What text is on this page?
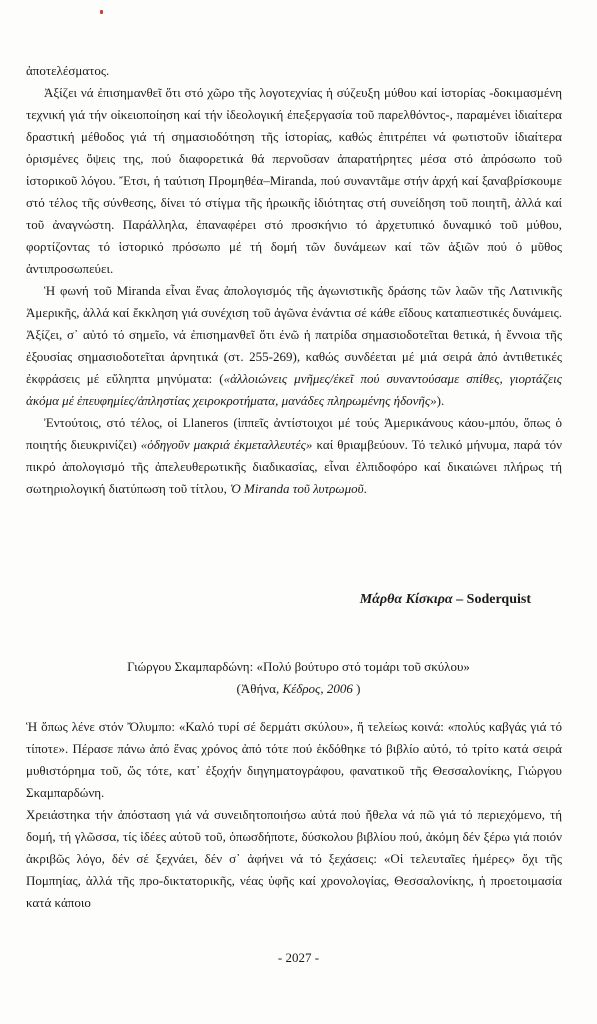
ἀποτελέσματος.

Ἀξίζει νά ἐπισημανθεῖ ὅτι στό χῶρο τῆς λογοτεχνίας ἡ σύζευξη μύθου καί ἱστορίας -δοκιμασμένη τεχνική γιά τήν οἰκειοποίηση καί τήν ἰδεολογική ἐπεξεργασία τοῦ παρελθόντος-, παραμένει ἰδιαίτερα δραστική μέθοδος γιά τή σημασιοδότηση τῆς ἱστορίας, καθώς ἐπιτρέπει νά φωτιστοῦν ἰδιαίτερα ὁρισμένες ὄψεις της, πού διαφορετικά θά περνοῦσαν ἀπαρατήρητες μέσα στό ἀπρόσωπο τοῦ ἱστορικοῦ λόγου. Ἔτσι, ἡ ταύτιση Προμηθέα–Miranda, πού συναντᾶμε στήν ἀρχή καί ξαναβρίσκουμε στό τέλος τῆς σύνθεσης, δίνει τό στίγμα τῆς ἡρωικῆς ἰδιότητας στή συνείδηση τοῦ ποιητῆ, ἀλλά καί τοῦ ἀναγνώστη. Παράλληλα, ἐπαναφέρει στό προσκήνιο τό ἀρχετυπικό δυναμικό τοῦ μύθου, φορτίζοντας τό ἱστορικό πρόσωπο μέ τή δομή τῶν δυνάμεων καί τῶν ἀξιῶν πού ὁ μῦθος ἀντιπροσωπεύει.

Ἡ φωνή τοῦ Miranda εἶναι ἕνας ἀπολογισμός τῆς ἀγωνιστικῆς δράσης τῶν λαῶν τῆς Λατινικῆς Ἀμερικῆς, ἀλλά καί ἔκκληση γιά συνέχιση τοῦ ἀγῶνα ἐνάντια σέ κάθε εἴδους καταπιεστικές δυνάμεις. Ἀξίζει, σ᾽ αὐτό τό σημεῖο, νά ἐπισημανθεῖ ὅτι ἐνῶ ἡ πατρίδα σημασιοδοτεῖται θετικά, ἡ ἔννοια τῆς ἐξουσίας σημασιοδοτεῖται ἀρνητικά (στ. 255-269), καθώς συνδέεται μέ μιά σειρά ἀπό ἀντιθετικές ἐκφράσεις μέ εὔληπτα μηνύματα: («ἀλλοιώνεις μνῆμες/ἐκεῖ πού συναντούσαμε σπίθες, γιορτάζεις ἀκόμα μέ ἐπευφημίες/ἀπληστίας χειροκροτήματα, μανάδες πληρωμένης ἡδονῆς»).

Ἐντούτοις, στό τέλος, οἱ Llaneros (ἱππεῖς ἀντίστοιχοι μέ τούς Ἀμερικάνους κάου-μπόυ, ὅπως ὁ ποιητής διευκρινίζει) «ὁδηγοῦν μακριά ἐκμεταλλευτές» καί θριαμβεύουν. Τό τελικό μήνυμα, παρά τόν πικρό ἀπολογισμό τῆς ἀπελευθερωτικῆς διαδικασίας, εἶναι ἐλπιδοφόρο καί δικαιώνει πλήρως τή σωτηριολογική διατύπωση τοῦ τίτλου, Ὁ Miranda τοῦ λυτρωμοῦ.

Μάρθα Κίσκιρα – Soderquist
Γιώργου Σκαμπαρδώνη: «Πολύ βούτυρο στό τομάρι τοῦ σκύλου»
(Ἀθήνα, Κέδρος, 2006 )

Ἡ ὅπως λένε στόν Ὄλυμπο: «Καλό τυρί σέ δερμάτι σκύλου», ἤ τελείως κοινά: «πολύς καβγάς γιά τό τίποτε». Πέρασε πάνω ἀπό ἕνας χρόνος ἀπό τότε πού ἐκδόθηκε τό βιβλίο αὐτό, τό τρίτο κατά σειρά μυθιστόρημα τοῦ, ὥς τότε, κατ᾽ ἐξοχήν διηγηματογράφου, φανατικοῦ τῆς Θεσσαλονίκης, Γιώργου Σκαμπαρδώνη.

Χρειάστηκα τήν ἀπόσταση γιά νά συνειδητοποιήσω αὐτά πού ἤθελα νά πῶ γιά τό περιεχόμενο, τή δομή, τή γλῶσσα, τίς ἰδέες αὐτοῦ τοῦ, ὁπωσδήποτε, δύσκολου βιβλίου πού, ἀκόμη δέν ξέρω γιά ποιόν ἀκριβῶς λόγο, δέν σέ ξεχνάει, δέν σ᾽ ἀφήνει νά τό ξεχάσεις: «Οἱ τελευταῖες ἡμέρες» ὄχι τῆς Πομπηίας, ἀλλά τῆς προ-δικτατορικῆς, νέας ὑφῆς καί χρονολογίας, Θεσσαλονίκης, ἡ προετοιμασία κατά κάποιο

- 2027 -
